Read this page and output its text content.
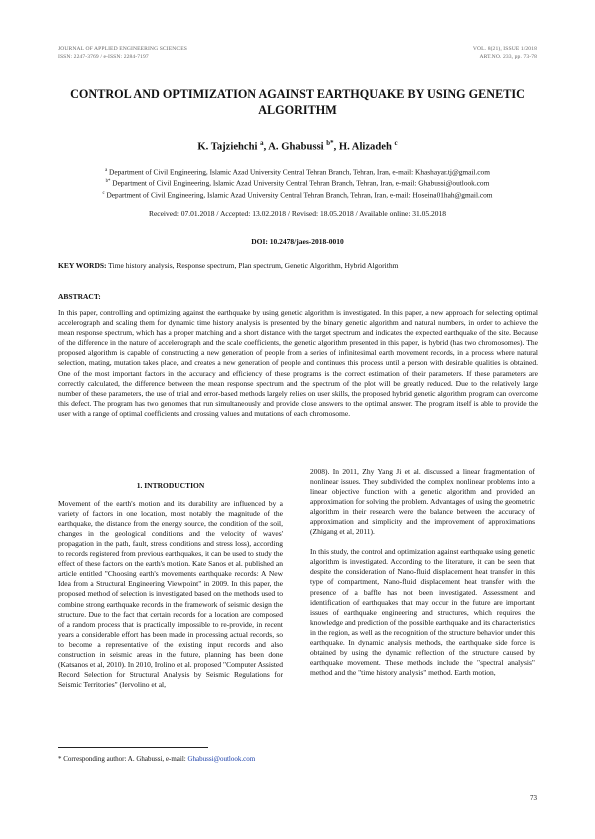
JOURNAL OF APPLIED ENGINEERING SCIENCES
ISSN: 2247-3769 / e-ISSN: 2284-7197
VOL. 8(21), ISSUE 1/2018
ART.NO. 233, pp. 73-78
CONTROL AND OPTIMIZATION AGAINST EARTHQUAKE BY USING GENETIC ALGORITHM
K. Tajziehchi $^a$, A. Ghabussi $^{b*}$, H. Alizadeh $^c$
$^a$ Department of Civil Engineering, Islamic Azad University Central Tehran Branch, Tehran, Iran, e-mail: Khashayar.tj@gmail.com
$^{b*}$ Department of Civil Engineering, Islamic Azad University Central Tehran Branch, Tehran, Iran, e-mail: Ghabussi@outlook.com
$^c$ Department of Civil Engineering, Islamic Azad University Central Tehran Branch, Tehran, Iran, e-mail: Hoseina01hah@gmail.com
Received: 07.01.2018 / Accepted: 13.02.2018 / Revised: 18.05.2018 / Available online: 31.05.2018
DOI: 10.2478/jaes-2018-0010
KEY WORDS: Time history analysis, Response spectrum, Plan spectrum, Genetic Algorithm, Hybrid Algorithm
ABSTRACT:

In this paper, controlling and optimizing against the earthquake by using genetic algorithm is investigated. In this paper, a new approach for selecting optimal accelerograph and scaling them for dynamic time history analysis is presented by the binary genetic algorithm and natural numbers, in order to achieve the mean response spectrum, which has a proper matching and a short distance with the target spectrum and indicates the expected earthquake of the site. Because of the difference in the nature of accelerograph and the scale coefficients, the genetic algorithm presented in this paper, is hybrid (has two chromosomes). The proposed algorithm is capable of constructing a new generation of people from a series of infinitesimal earth movement records, in a process where natural selection, mating, mutation takes place, and creates a new generation of people and continues this process until a person with desirable qualities is obtained. One of the most important factors in the accuracy and efficiency of these programs is the correct estimation of their parameters. If these parameters are correctly calculated, the difference between the mean response spectrum and the spectrum of the plot will be greatly reduced. Due to the relatively large number of these parameters, the use of trial and error-based methods largely relies on user skills, the proposed hybrid genetic algorithm program can overcome this defect. The program has two genomes that run simultaneously and provide close answers to the optimal answer. The program itself is able to provide the user with a range of optimal coefficients and crossing values and mutations of each chromosome.

1. INTRODUCTION

Movement of the earth's motion and its durability are influenced by a variety of factors in one location, most notably the magnitude of the earthquake, the distance from the energy source, the condition of the soil, changes in the geological conditions and the velocity of waves' propagation in the path, fault, stress conditions and stress loss), according to records registered from previous earthquakes, it can be used to study the effect of these factors on the earth's motion. Kate Sanos et al. published an article entitled "Choosing earth's movements earthquake records: A New Idea from a Structural Engineering Viewpoint" in 2009. In this paper, the proposed method of selection is investigated based on the methods used to combine strong earthquake records in the framework of seismic design the structure. Due to the fact that certain records for a location are composed of a random process that is practically impossible to re-provide, in recent years a considerable effort has been made in processing actual records, so to become a representative of the existing input records and also construction in seismic areas in the future, planning has been done (Katsanos et al, 2010). In 2010, Irolino et al. proposed "Computer Assisted Record Selection for Structural Analysis by Seismic Regulations for Seismic Territories" (Iervolino et al,

2008). In 2011, Zhy Yang Ji et al. discussed a linear fragmentation of nonlinear issues. They subdivided the complex nonlinear problems into a linear objective function with a genetic algorithm and provided an approximation for solving the problem. Advantages of using the geometric algorithm in their research were the balance between the accuracy of approximation and simplicity and the improvement of approximations (Zhigang et al, 2011).

In this study, the control and optimization against earthquake using genetic algorithm is investigated. According to the literature, it can be seen that despite the consideration of Nano-fluid displacement heat transfer in this type of compartment, Nano-fluid displacement heat transfer with the presence of a baffle has not been investigated. Assessment and identification of earthquakes that may occur in the future are important issues of earthquake engineering and structures, which requires the knowledge and prediction of the possible earthquake and its characteristics in the region, as well as the recognition of the structure behavior under this earthquake. In dynamic analysis methods, the earthquake side force is obtained by using the dynamic reflection of the structure caused by earthquake movement. These methods include the "spectral analysis" method and the "time history analysis" method. Earth motion,

* Corresponding author: A. Ghabussi, e-mail: Ghabussi@outlook.com
73
